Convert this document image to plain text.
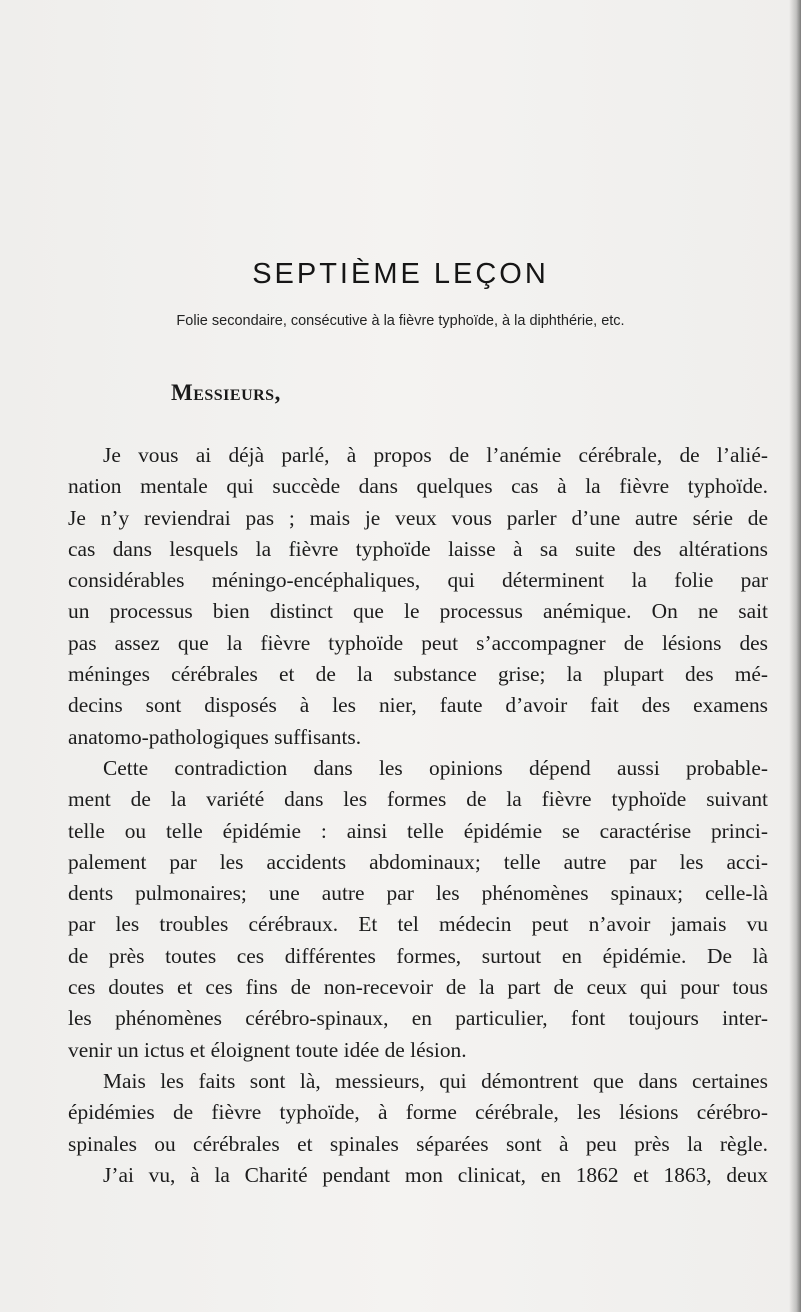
SEPTIÈME LEÇON
Folie secondaire, consécutive à la fièvre typhoïde, à la diphthérie, etc.
Messieurs,
Je vous ai déjà parlé, à propos de l’anémie cérébrale, de l’alié-
nation mentale qui succède dans quelques cas à la fièvre typhoïde.
Je n’y reviendrai pas ; mais je veux vous parler d’une autre série de
cas dans lesquels la fièvre typhoïde laisse à sa suite des altérations
considérables méningo-encéphaliques, qui déterminent la folie par
un processus bien distinct que le processus anémique. On ne sait
pas assez que la fièvre typhoïde peut s’accompagner de lésions des
méninges cérébrales et de la substance grise; la plupart des mé-
decins sont disposés à les nier, faute d’avoir fait des examens
anatomo-pathologiques suffisants.
Cette contradiction dans les opinions dépend aussi probable-
ment de la variété dans les formes de la fièvre typhoïde suivant
telle ou telle épidémie : ainsi telle épidémie se caractérise princi-
palement par les accidents abdominaux; telle autre par les acci-
dents pulmonaires; une autre par les phénomènes spinaux; celle-là
par les troubles cérébraux. Et tel médecin peut n’avoir jamais vu
de près toutes ces différentes formes, surtout en épidémie. De là
ces doutes et ces fins de non-recevoir de la part de ceux qui pour tous
les phénomènes cérébro-spinaux, en particulier, font toujours inter-
venir un ictus et éloignent toute idée de lésion.
Mais les faits sont là, messieurs, qui démontrent que dans certaines
épidémies de fièvre typhoïde, à forme cérébrale, les lésions cérébro-
spinales ou cérébrales et spinales séparées sont à peu près la règle.
J’ai vu, à la Charité pendant mon clinicat, en 1862 et 1863, deux
